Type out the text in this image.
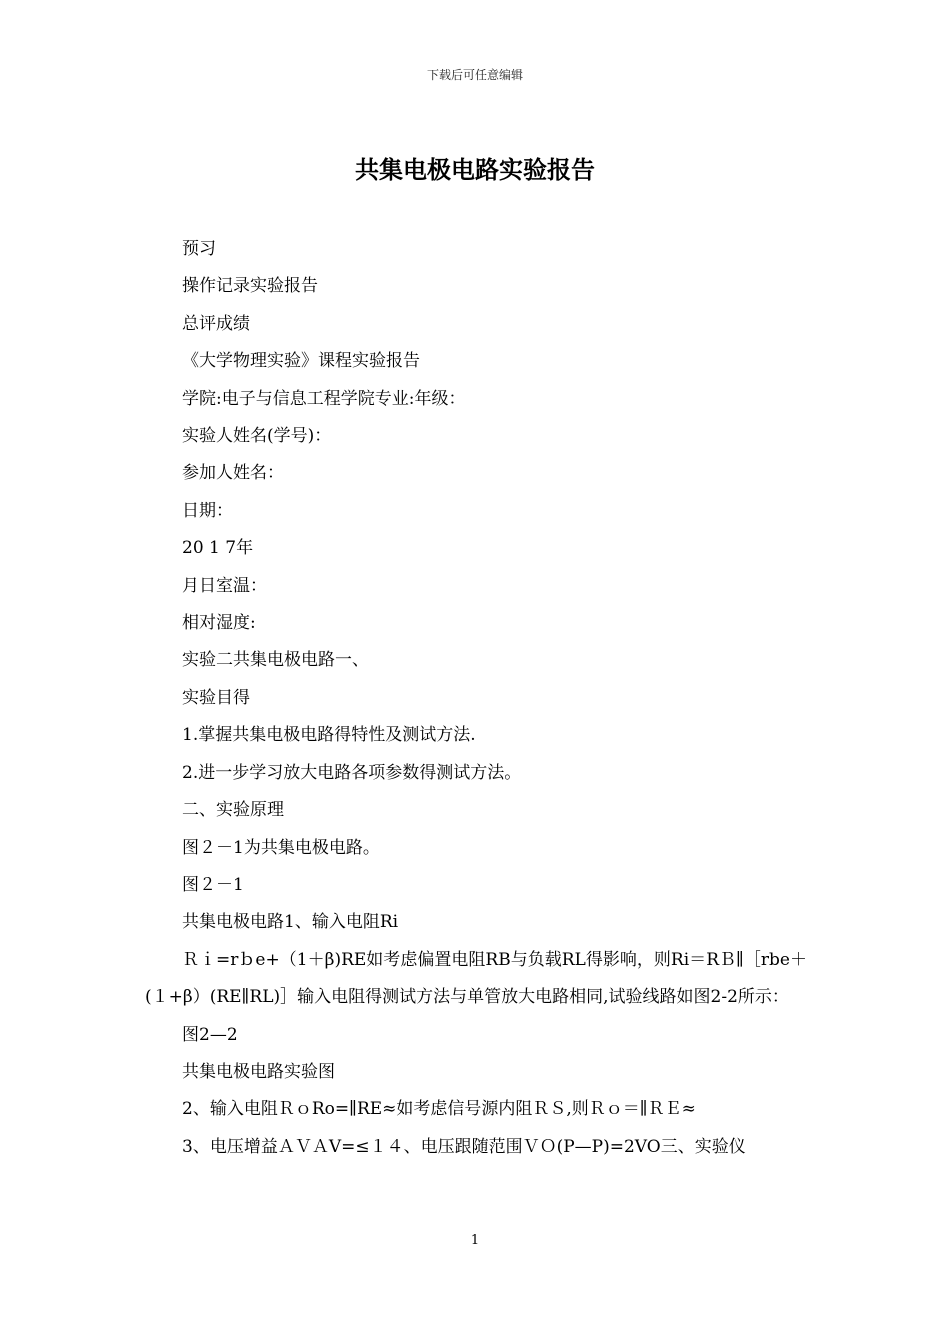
下载后可任意编辑
共集电极电路实验报告

预习

操作记录实验报告

总评成绩

《大学物理实验》课程实验报告

学院:电子与信息工程学院专业:年级：

实验人姓名(学号)：

参加人姓名：

日期：

20 1 7年

月日室温：

相对湿度:

实验二共集电极电路一、

实验目得

1.掌握共集电极电路得特性及测试方法.

2.进一步学习放大电路各项参数得测试方法。

二、实验原理

图２－1为共集电极电路。

图２－1

共集电极电路1、输入电阻Ri

Ｒｉ=rｂe+（1＋β)RE如考虑偏置电阻RB与负载RL得影响，则Ri＝RＢ∥［rbe＋(１+β）(RE∥RL)］输入电阻得测试方法与单管放大电路相同,试验线路如图2-2所示：

图2—2

共集电极电路实验图

2、输入电阻ＲｏRo=∥RE≈如考虑信号源内阻ＲＳ,则Ｒｏ＝∥ＲＥ≈

3、电压增益ＡＶＡV=≤１４、电压跟随范围ＶＯ(P—P)=2VO三、实验仪

1
